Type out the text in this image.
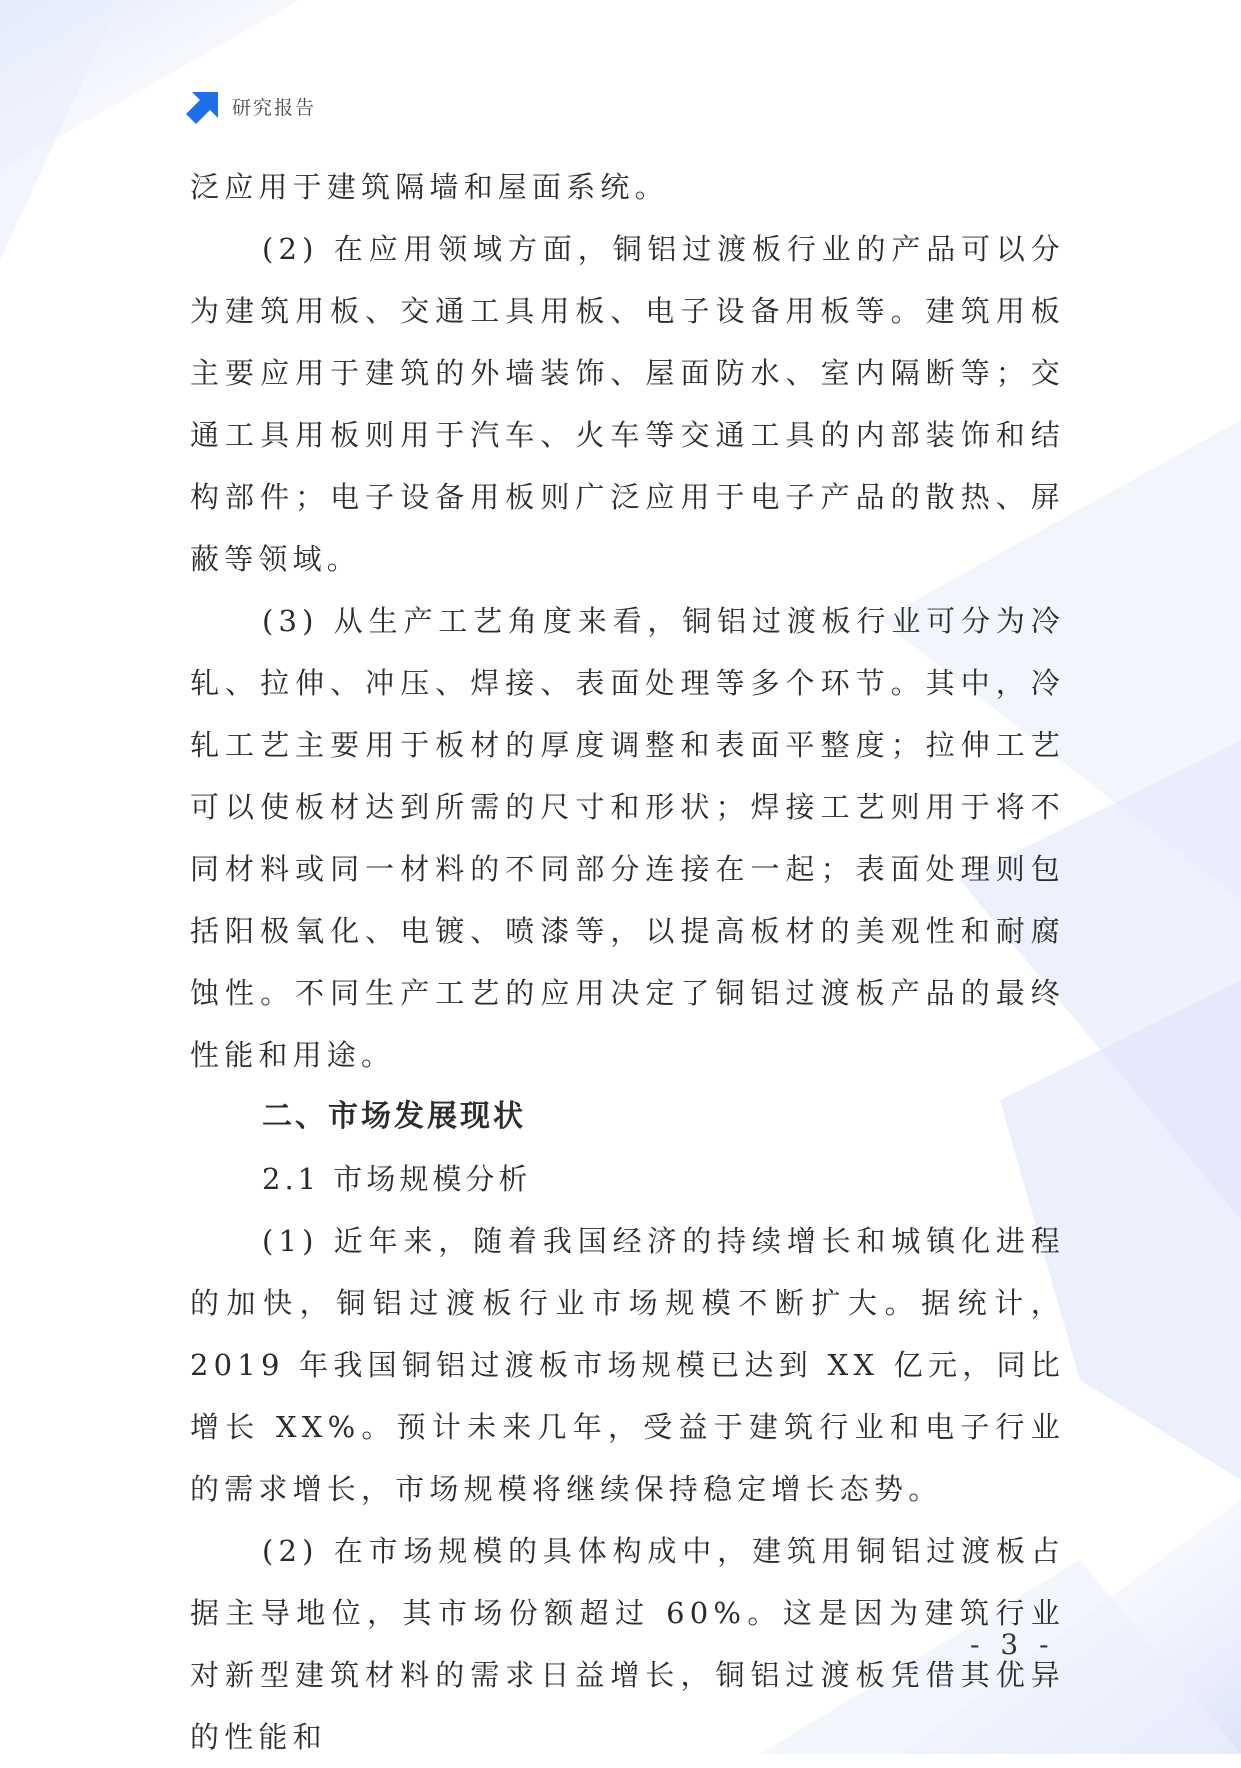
研究报告

泛应用于建筑隔墙和屋面系统。

(2) 在应用领域方面，铜铝过渡板行业的产品可以分为建筑用板、交通工具用板、电子设备用板等。建筑用板主要应用于建筑的外墙装饰、屋面防水、室内隔断等；交通工具用板则用于汽车、火车等交通工具的内部装饰和结构部件；电子设备用板则广泛应用于电子产品的散热、屏蔽等领域。

(3) 从生产工艺角度来看，铜铝过渡板行业可分为冷轧、拉伸、冲压、焊接、表面处理等多个环节。其中，冷轧工艺主要用于板材的厚度调整和表面平整度；拉伸工艺可以使板材达到所需的尺寸和形状；焊接工艺则用于将不同材料或同一材料的不同部分连接在一起；表面处理则包括阳极氧化、电镀、喷漆等，以提高板材的美观性和耐腐蚀性。不同生产工艺的应用决定了铜铝过渡板产品的最终性能和用途。

二、市场发展现状

2.1 市场规模分析

(1) 近年来，随着我国经济的持续增长和城镇化进程的加快，铜铝过渡板行业市场规模不断扩大。据统计，2019 年我国铜铝过渡板市场规模已达到 XX 亿元，同比增长 XX%。预计未来几年，受益于建筑行业和电子行业的需求增长，市场规模将继续保持稳定增长态势。

(2) 在市场规模的具体构成中，建筑用铜铝过渡板占据主导地位，其市场份额超过 60%。这是因为建筑行业对新型建筑材料的需求日益增长，铜铝过渡板凭借其优异的性能和

- 3 -
